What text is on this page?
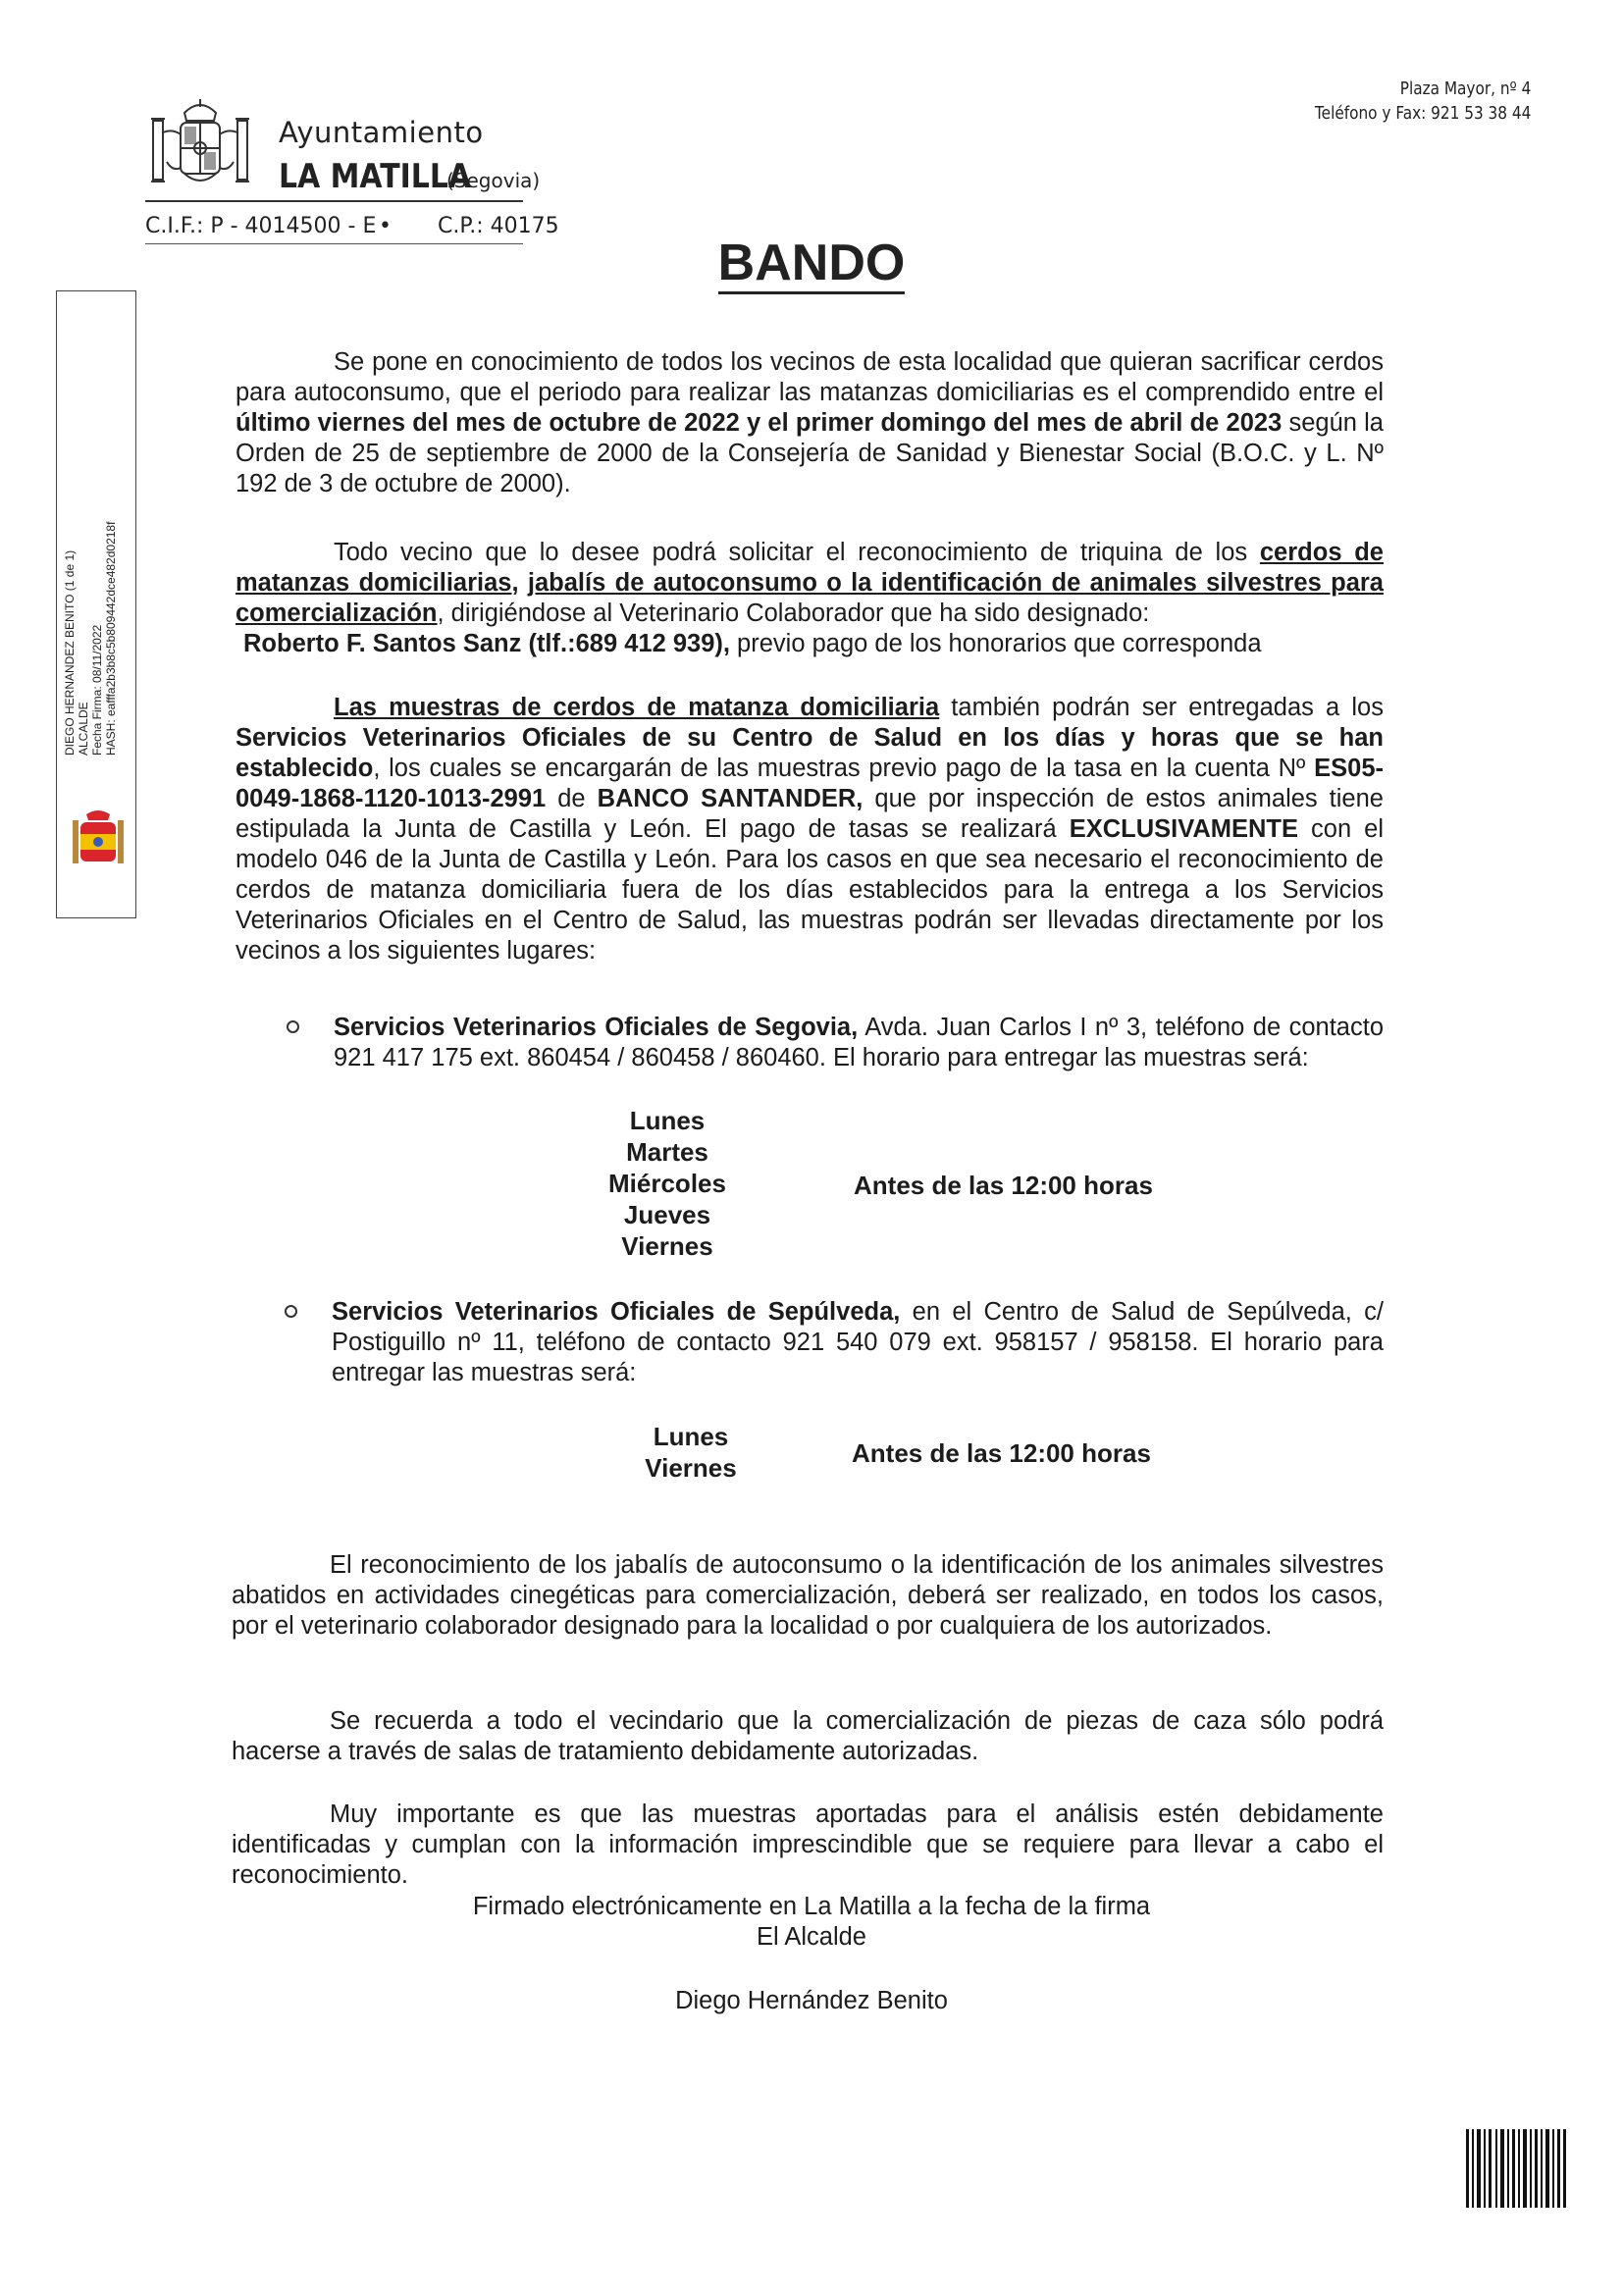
Ayuntamiento
LA MATILLA
(Segovia)
C.I.F.: P - 4014500 - E • C.P.: 40175
Plaza Mayor, nº 4
Teléfono y Fax: 921 53 38 44
BANDO
DIEGO HERNANDEZ BENITO (1 de 1) ALCALDE Fecha Firma: 08/11/2022 HASH: eafffa2b3b8c5b809442dce482d0218f
Se pone en conocimiento de todos los vecinos de esta localidad que quieran sacrificar cerdos para autoconsumo, que el periodo para realizar las matanzas domiciliarias es el comprendido entre el último viernes del mes de octubre de 2022 y el primer domingo del mes de abril de 2023 según la Orden de 25 de septiembre de 2000 de la Consejería de Sanidad y Bienestar Social (B.O.C. y L. Nº 192 de 3 de octubre de 2000).
Todo vecino que lo desee podrá solicitar el reconocimiento de triquina de los cerdos de matanzas domiciliarias, jabalís de autoconsumo o la identificación de animales silvestres para comercialización, dirigiéndose al Veterinario Colaborador que ha sido designado:
Roberto F. Santos Sanz (tlf.:689 412 939), previo pago de los honorarios que corresponda
Las muestras de cerdos de matanza domiciliaria también podrán ser entregadas a los Servicios Veterinarios Oficiales de su Centro de Salud en los días y horas que se han establecido, los cuales se encargarán de las muestras previo pago de la tasa en la cuenta Nº ES05-0049-1868-1120-1013-2991 de BANCO SANTANDER, que por inspección de estos animales tiene estipulada la Junta de Castilla y León. El pago de tasas se realizará EXCLUSIVAMENTE con el modelo 046 de la Junta de Castilla y León. Para los casos en que sea necesario el reconocimiento de cerdos de matanza domiciliaria fuera de los días establecidos para la entrega a los Servicios Veterinarios Oficiales en el Centro de Salud, las muestras podrán ser llevadas directamente por los vecinos a los siguientes lugares:
Servicios Veterinarios Oficiales de Segovia, Avda. Juan Carlos I nº 3, teléfono de contacto 921 417 175 ext. 860454 / 860458 / 860460. El horario para entregar las muestras será:
Lunes
Martes
Miércoles
Jueves
Viernes
Antes de las 12:00 horas
Servicios Veterinarios Oficiales de Sepúlveda, en el Centro de Salud de Sepúlveda, c/ Postiguillo nº 11, teléfono de contacto 921 540 079 ext. 958157 / 958158. El horario para entregar las muestras será:
Lunes
Viernes	Antes de las 12:00 horas
El reconocimiento de los jabalís de autoconsumo o la identificación de los animales silvestres abatidos en actividades cinegéticas para comercialización, deberá ser realizado, en todos los casos, por el veterinario colaborador designado para la localidad o por cualquiera de los autorizados.
Se recuerda a todo el vecindario que la comercialización de piezas de caza sólo podrá hacerse a través de salas de tratamiento debidamente autorizadas.
Muy importante es que las muestras aportadas para el análisis estén debidamente identificadas y cumplan con la información imprescindible que se requiere para llevar a cabo el reconocimiento.
Firmado electrónicamente en La Matilla a la fecha de la firma
El Alcalde
Diego Hernández Benito
